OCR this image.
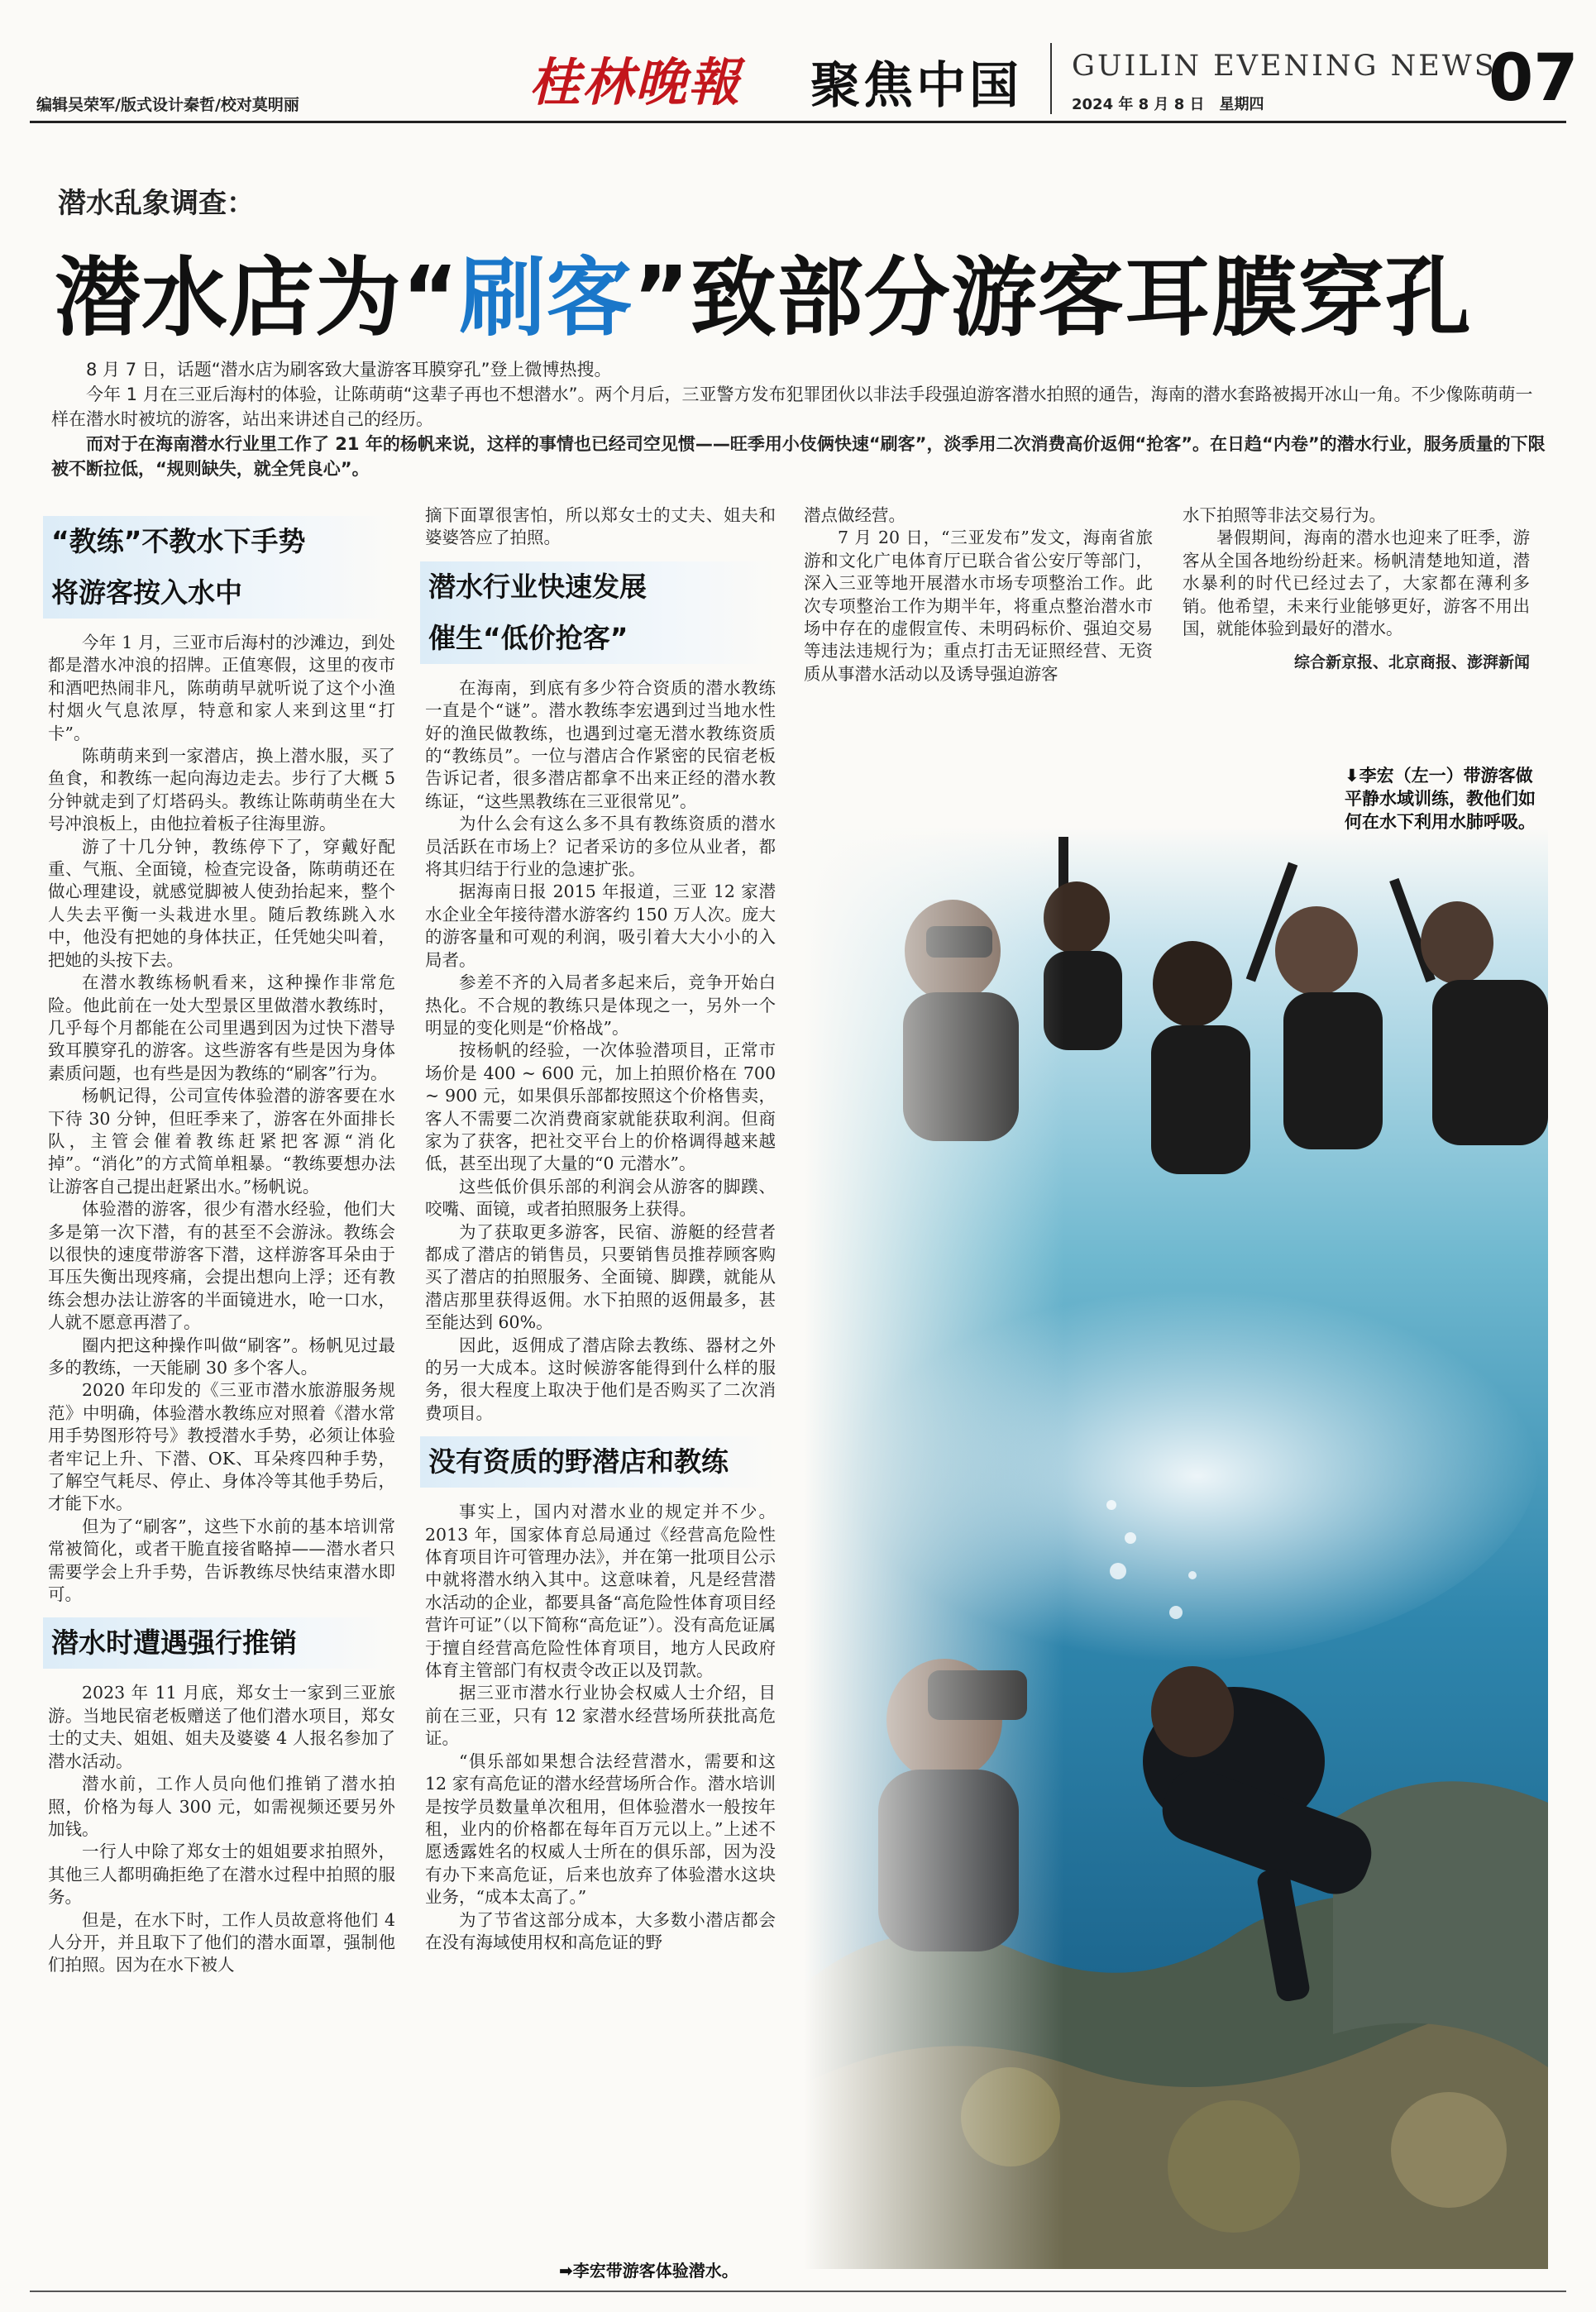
编辑吴荣军/版式设计秦哲/校对莫明丽	桂林晚報 聚焦中国 GUILIN EVENING NEWS
2024 年 8 月 8 日　星期四	07
潜水乱象调查：
潜水店为“刷客”致部分游客耳膜穿孔

8 月 7 日，话题“潜水店为刷客致大量游客耳膜穿孔”登上微博热搜。

今年 1 月在三亚后海村的体验，让陈萌萌“这辈子再也不想潜水”。两个月后，三亚警方发布犯罪团伙以非法手段强迫游客潜水拍照的通告，海南的潜水套路被揭开冰山一角。不少像陈萌萌一样在潜水时被坑的游客，站出来讲述自己的经历。

而对于在海南潜水行业里工作了 21 年的杨帆来说，这样的事情也已经司空见惯——旺季用小伎俩快速“刷客”，淡季用二次消费高价返佣“抢客”。在日趋“内卷”的潜水行业，服务质量的下限被不断拉低，“规则缺失，就全凭良心”。

⬇李宏（左一）带游客做平静水域训练，教他们如何在水下利用水肺呼吸。
➡李宏带游客体验潜水。
“教练”不教水下手势
将游客按入水中

今年 1 月，三亚市后海村的沙滩边，到处都是潜水冲浪的招牌。正值寒假，这里的夜市和酒吧热闹非凡，陈萌萌早就听说了这个小渔村烟火气息浓厚，特意和家人来到这里“打卡”。

陈萌萌来到一家潜店，换上潜水服，买了鱼食，和教练一起向海边走去。步行了大概 5 分钟就走到了灯塔码头。教练让陈萌萌坐在大号冲浪板上，由他拉着板子往海里游。

游了十几分钟，教练停下了，穿戴好配重、气瓶、全面镜，检查完设备，陈萌萌还在做心理建设，就感觉脚被人使劲抬起来，整个人失去平衡一头栽进水里。随后教练跳入水中，他没有把她的身体扶正，任凭她尖叫着，把她的头按下去。

在潜水教练杨帆看来，这种操作非常危险。他此前在一处大型景区里做潜水教练时，几乎每个月都能在公司里遇到因为过快下潜导致耳膜穿孔的游客。这些游客有些是因为身体素质问题，也有些是因为教练的“刷客”行为。

杨帆记得，公司宣传体验潜的游客要在水下待 30 分钟，但旺季来了，游客在外面排长队，主管会催着教练赶紧把客源“消化掉”。“消化”的方式简单粗暴。“教练要想办法让游客自己提出赶紧出水。”杨帆说。

体验潜的游客，很少有潜水经验，他们大多是第一次下潜，有的甚至不会游泳。教练会以很快的速度带游客下潜，这样游客耳朵由于耳压失衡出现疼痛，会提出想向上浮；还有教练会想办法让游客的半面镜进水，呛一口水，人就不愿意再潜了。

圈内把这种操作叫做“刷客”。杨帆见过最多的教练，一天能刷 30 多个客人。

2020 年印发的《三亚市潜水旅游服务规范》中明确，体验潜水教练应对照着《潜水常用手势图形符号》教授潜水手势，必须让体验者牢记上升、下潜、OK、耳朵疼四种手势，了解空气耗尽、停止、身体冷等其他手势后，才能下水。

但为了“刷客”，这些下水前的基本培训常常被简化，或者干脆直接省略掉——潜水者只需要学会上升手势，告诉教练尽快结束潜水即可。

潜水时遭遇强行推销

2023 年 11 月底，郑女士一家到三亚旅游。当地民宿老板赠送了他们潜水项目，郑女士的丈夫、姐姐、姐夫及婆婆 4 人报名参加了潜水活动。

潜水前，工作人员向他们推销了潜水拍照，价格为每人 300 元，如需视频还要另外加钱。

一行人中除了郑女士的姐姐要求拍照外，其他三人都明确拒绝了在潜水过程中拍照的服务。

但是，在水下时，工作人员故意将他们 4 人分开，并且取下了他们的潜水面罩，强制他们拍照。因为在水下被人

摘下面罩很害怕，所以郑女士的丈夫、姐夫和婆婆答应了拍照。

潜水行业快速发展
催生“低价抢客”

在海南，到底有多少符合资质的潜水教练一直是个“谜”。潜水教练李宏遇到过当地水性好的渔民做教练，也遇到过毫无潜水教练资质的“教练员”。一位与潜店合作紧密的民宿老板告诉记者，很多潜店都拿不出来正经的潜水教练证，“这些黑教练在三亚很常见”。

为什么会有这么多不具有教练资质的潜水员活跃在市场上？记者采访的多位从业者，都将其归结于行业的急速扩张。

据海南日报 2015 年报道，三亚 12 家潜水企业全年接待潜水游客约 150 万人次。庞大的游客量和可观的利润，吸引着大大小小的入局者。

参差不齐的入局者多起来后，竞争开始白热化。不合规的教练只是体现之一，另外一个明显的变化则是“价格战”。

按杨帆的经验，一次体验潜项目，正常市场价是 400 ~ 600 元，加上拍照价格在 700 ~ 900 元，如果俱乐部都按照这个价格售卖，客人不需要二次消费商家就能获取利润。但商家为了获客，把社交平台上的价格调得越来越低，甚至出现了大量的“0 元潜水”。

这些低价俱乐部的利润会从游客的脚蹼、咬嘴、面镜，或者拍照服务上获得。

为了获取更多游客，民宿、游艇的经营者都成了潜店的销售员，只要销售员推荐顾客购买了潜店的拍照服务、全面镜、脚蹼，就能从潜店那里获得返佣。水下拍照的返佣最多，甚至能达到 60%。

因此，返佣成了潜店除去教练、器材之外的另一大成本。这时候游客能得到什么样的服务，很大程度上取决于他们是否购买了二次消费项目。

没有资质的野潜店和教练

事实上，国内对潜水业的规定并不少。2013 年，国家体育总局通过《经营高危险性体育项目许可管理办法》，并在第一批项目公示中就将潜水纳入其中。这意味着，凡是经营潜水活动的企业，都要具备“高危险性体育项目经营许可证”（以下简称“高危证”）。没有高危证属于擅自经营高危险性体育项目，地方人民政府体育主管部门有权责令改正以及罚款。

据三亚市潜水行业协会权威人士介绍，目前在三亚，只有 12 家潜水经营场所获批高危证。

“俱乐部如果想合法经营潜水，需要和这 12 家有高危证的潜水经营场所合作。潜水培训是按学员数量单次租用，但体验潜水一般按年租，业内的价格都在每年百万元以上。”上述不愿透露姓名的权威人士所在的俱乐部，因为没有办下来高危证，后来也放弃了体验潜水这块业务，“成本太高了。”

为了节省这部分成本，大多数小潜店都会在没有海域使用权和高危证的野

潜点做经营。

7 月 20 日，“三亚发布”发文，海南省旅游和文化广电体育厅已联合省公安厅等部门，深入三亚等地开展潜水市场专项整治工作。此次专项整治工作为期半年，将重点整治潜水市场中存在的虚假宣传、未明码标价、强迫交易等违法违规行为；重点打击无证照经营、无资质从事潜水活动以及诱导强迫游客

水下拍照等非法交易行为。

暑假期间，海南的潜水也迎来了旺季，游客从全国各地纷纷赶来。杨帆清楚地知道，潜水暴利的时代已经过去了，大家都在薄利多销。他希望，未来行业能够更好，游客不用出国，就能体验到最好的潜水。

综合新京报、北京商报、澎湃新闻
